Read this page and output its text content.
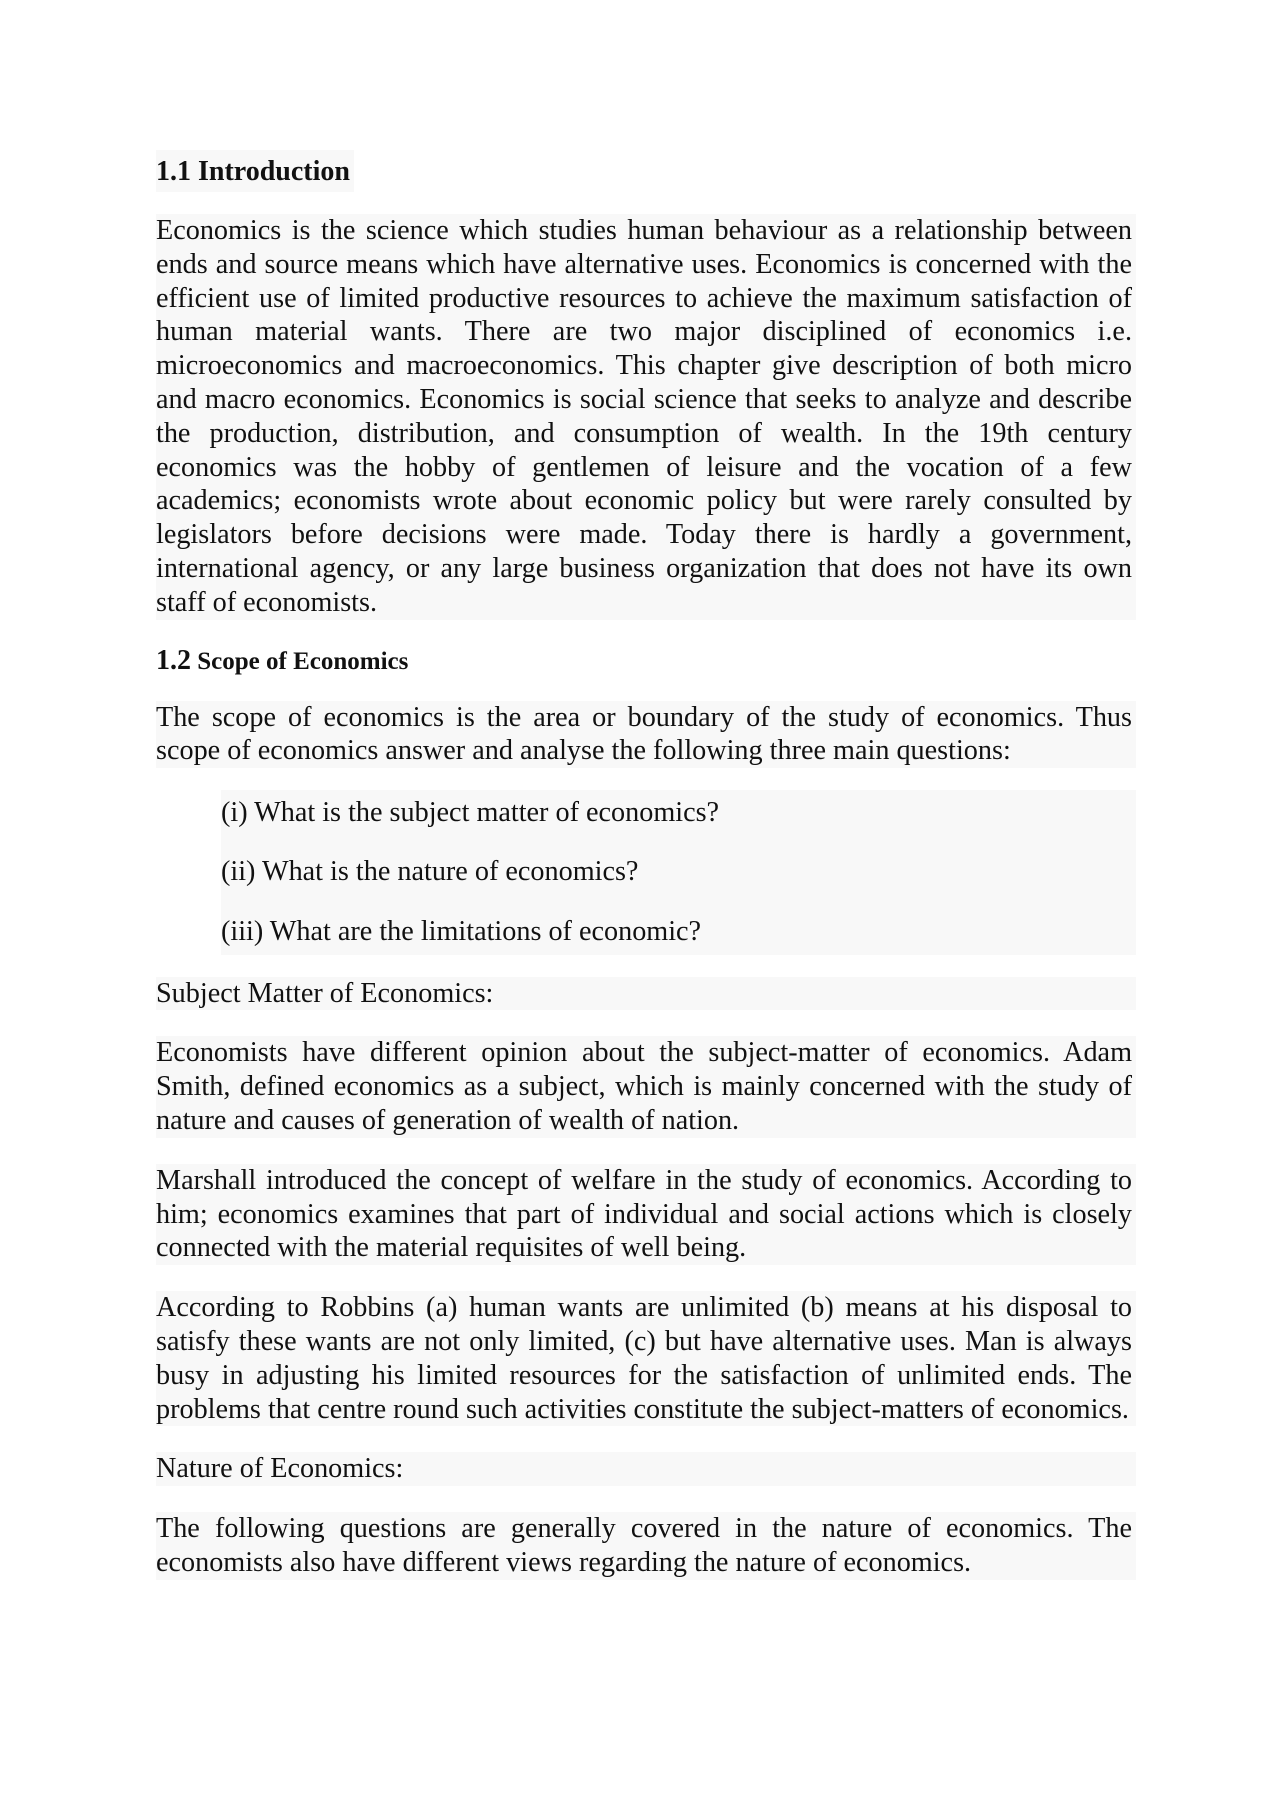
1.1 Introduction

Economics is the science which studies human behaviour as a relationship between ends and source means which have alternative uses. Economics is concerned with the efficient use of limited productive resources to achieve the maximum satisfaction of human material wants. There are two major disciplined of economics i.e. microeconomics and macroeconomics. This chapter give description of both micro and macro economics. Economics is social science that seeks to analyze and describe the production, distribution, and consumption of wealth. In the 19th century economics was the hobby of gentlemen of leisure and the vocation of a few academics; economists wrote about economic policy but were rarely consulted by legislators before decisions were made. Today there is hardly a government, international agency, or any large business organization that does not have its own staff of economists.

1.2 Scope of Economics

The scope of economics is the area or boundary of the study of economics. Thus scope of economics answer and analyse the following three main questions:

(i) What is the subject matter of economics?

(ii) What is the nature of economics?

(iii) What are the limitations of economic?

Subject Matter of Economics:

Economists have different opinion about the subject-matter of economics. Adam Smith, defined economics as a subject, which is mainly concerned with the study of nature and causes of generation of wealth of nation.

Marshall introduced the concept of welfare in the study of economics. According to him; economics examines that part of individual and social actions which is closely connected with the material requisites of well being.

According to Robbins (a) human wants are unlimited (b) means at his disposal to satisfy these wants are not only limited, (c) but have alternative uses. Man is always busy in adjusting his limited resources for the satisfaction of unlimited ends. The problems that centre round such activities constitute the subject-matters of economics.

Nature of Economics:

The following questions are generally covered in the nature of economics. The economists also have different views regarding the nature of economics.
